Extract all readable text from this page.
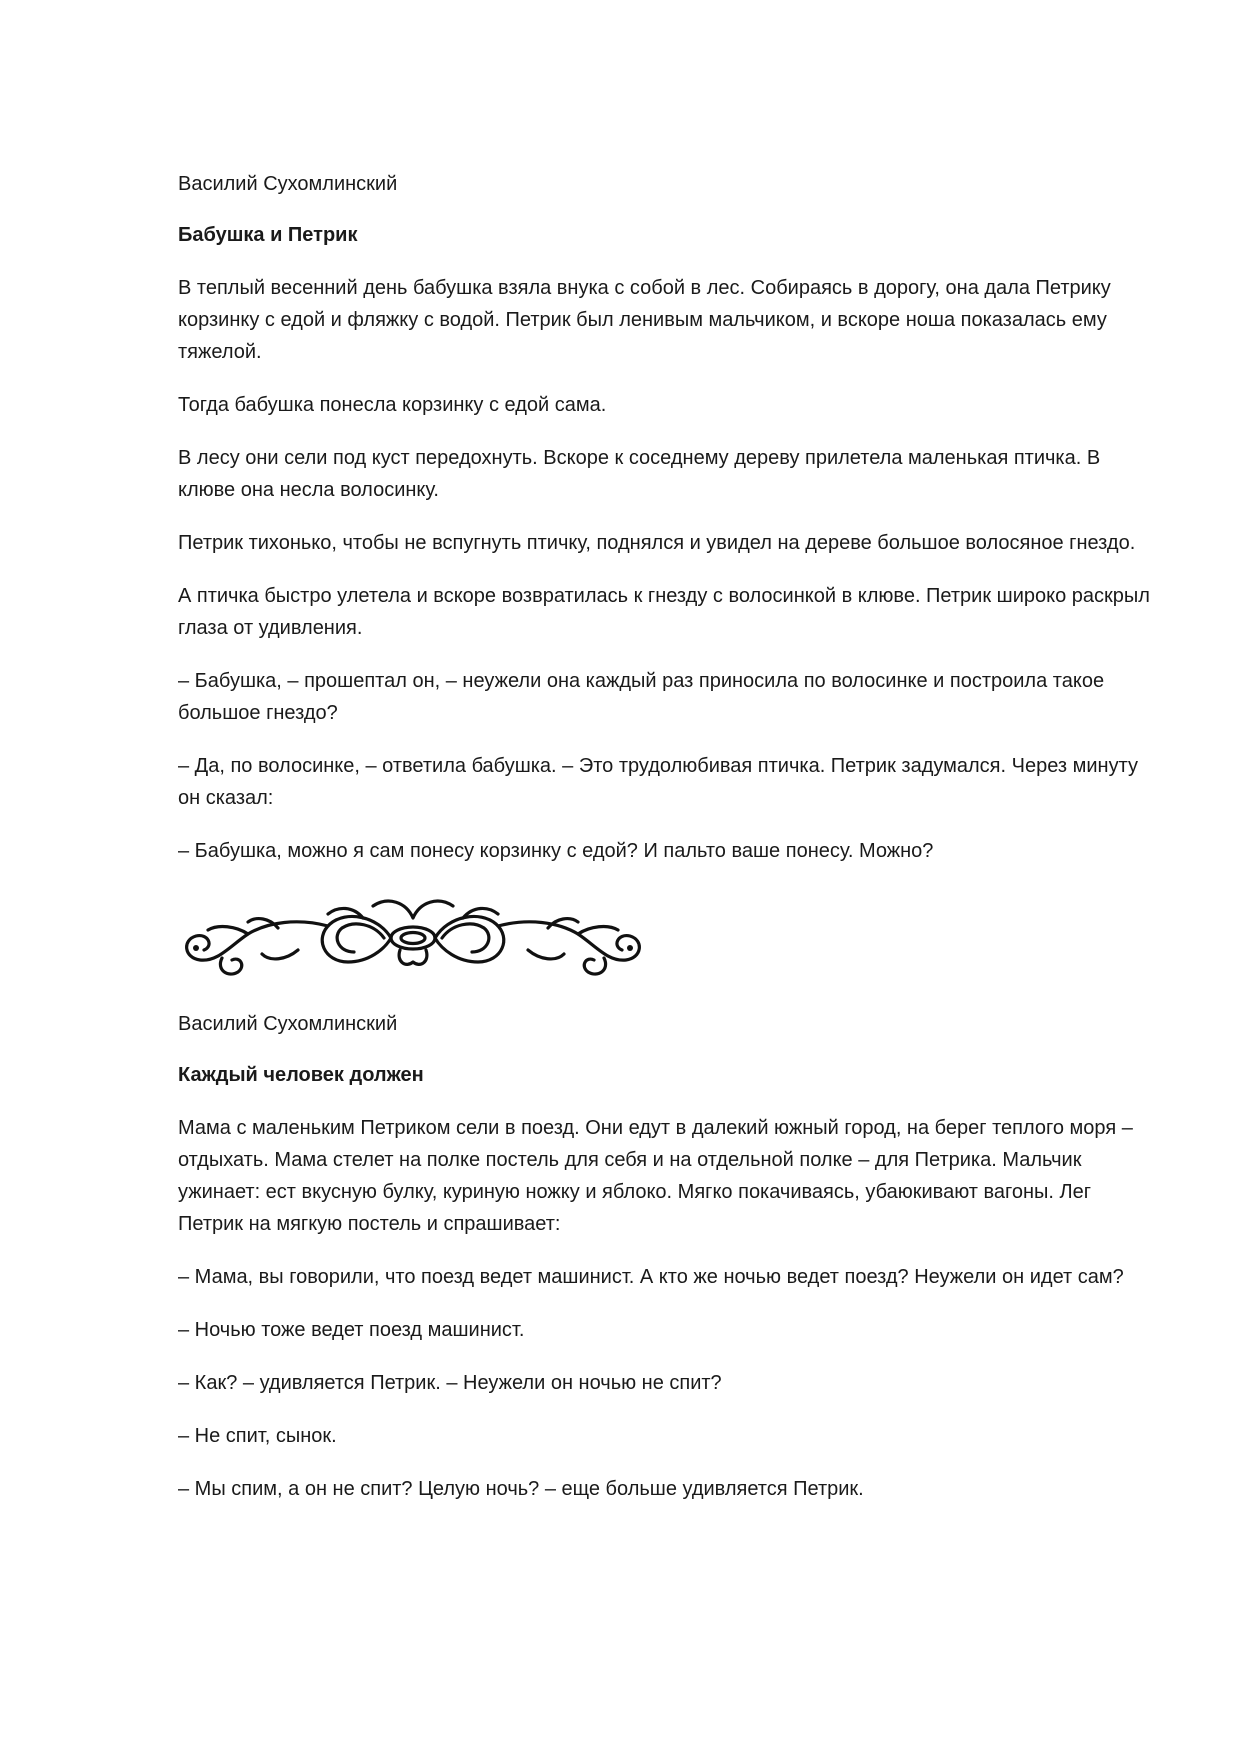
Василий Сухомлинский

Бабушка и Петрик

В теплый весенний день бабушка взяла внука с собой в лес. Собираясь в дорогу, она дала Петрику корзинку с едой и фляжку с водой. Петрик был ленивым мальчиком, и вскоре ноша показалась ему тяжелой.

Тогда бабушка понесла корзинку с едой сама.

В лесу они сели под куст передохнуть. Вскоре к соседнему дереву прилетела маленькая птичка. В клюве она несла волосинку.

Петрик тихонько, чтобы не вспугнуть птичку, поднялся и увидел на дереве большое волосяное гнездо.

А птичка быстро улетела и вскоре возвратилась к гнезду с волосинкой в клюве. Петрик широко раскрыл глаза от удивления.

– Бабушка, – прошептал он, – неужели она каждый раз приносила по волосинке и построила такое большое гнездо?

– Да, по волосинке, – ответила бабушка. – Это трудолюбивая птичка. Петрик задумался. Через минуту он сказал:

– Бабушка, можно я сам понесу корзинку с едой? И пальто ваше понесу. Можно?

Василий Сухомлинский

Каждый человек должен

Мама с маленьким Петриком сели в поезд. Они едут в далекий южный город, на берег теплого моря – отдыхать. Мама стелет на полке постель для себя и на отдельной полке – для Петрика. Мальчик ужинает: ест вкусную булку, куриную ножку и яблоко. Мягко покачиваясь, убаюкивают вагоны. Лег Петрик на мягкую постель и спрашивает:

– Мама, вы говорили, что поезд ведет машинист. А кто же ночью ведет поезд? Неужели он идет сам?

– Ночью тоже ведет поезд машинист.

– Как? – удивляется Петрик. – Неужели он ночью не спит?

– Не спит, сынок.

– Мы спим, а он не спит? Целую ночь? – еще больше удивляется Петрик.
